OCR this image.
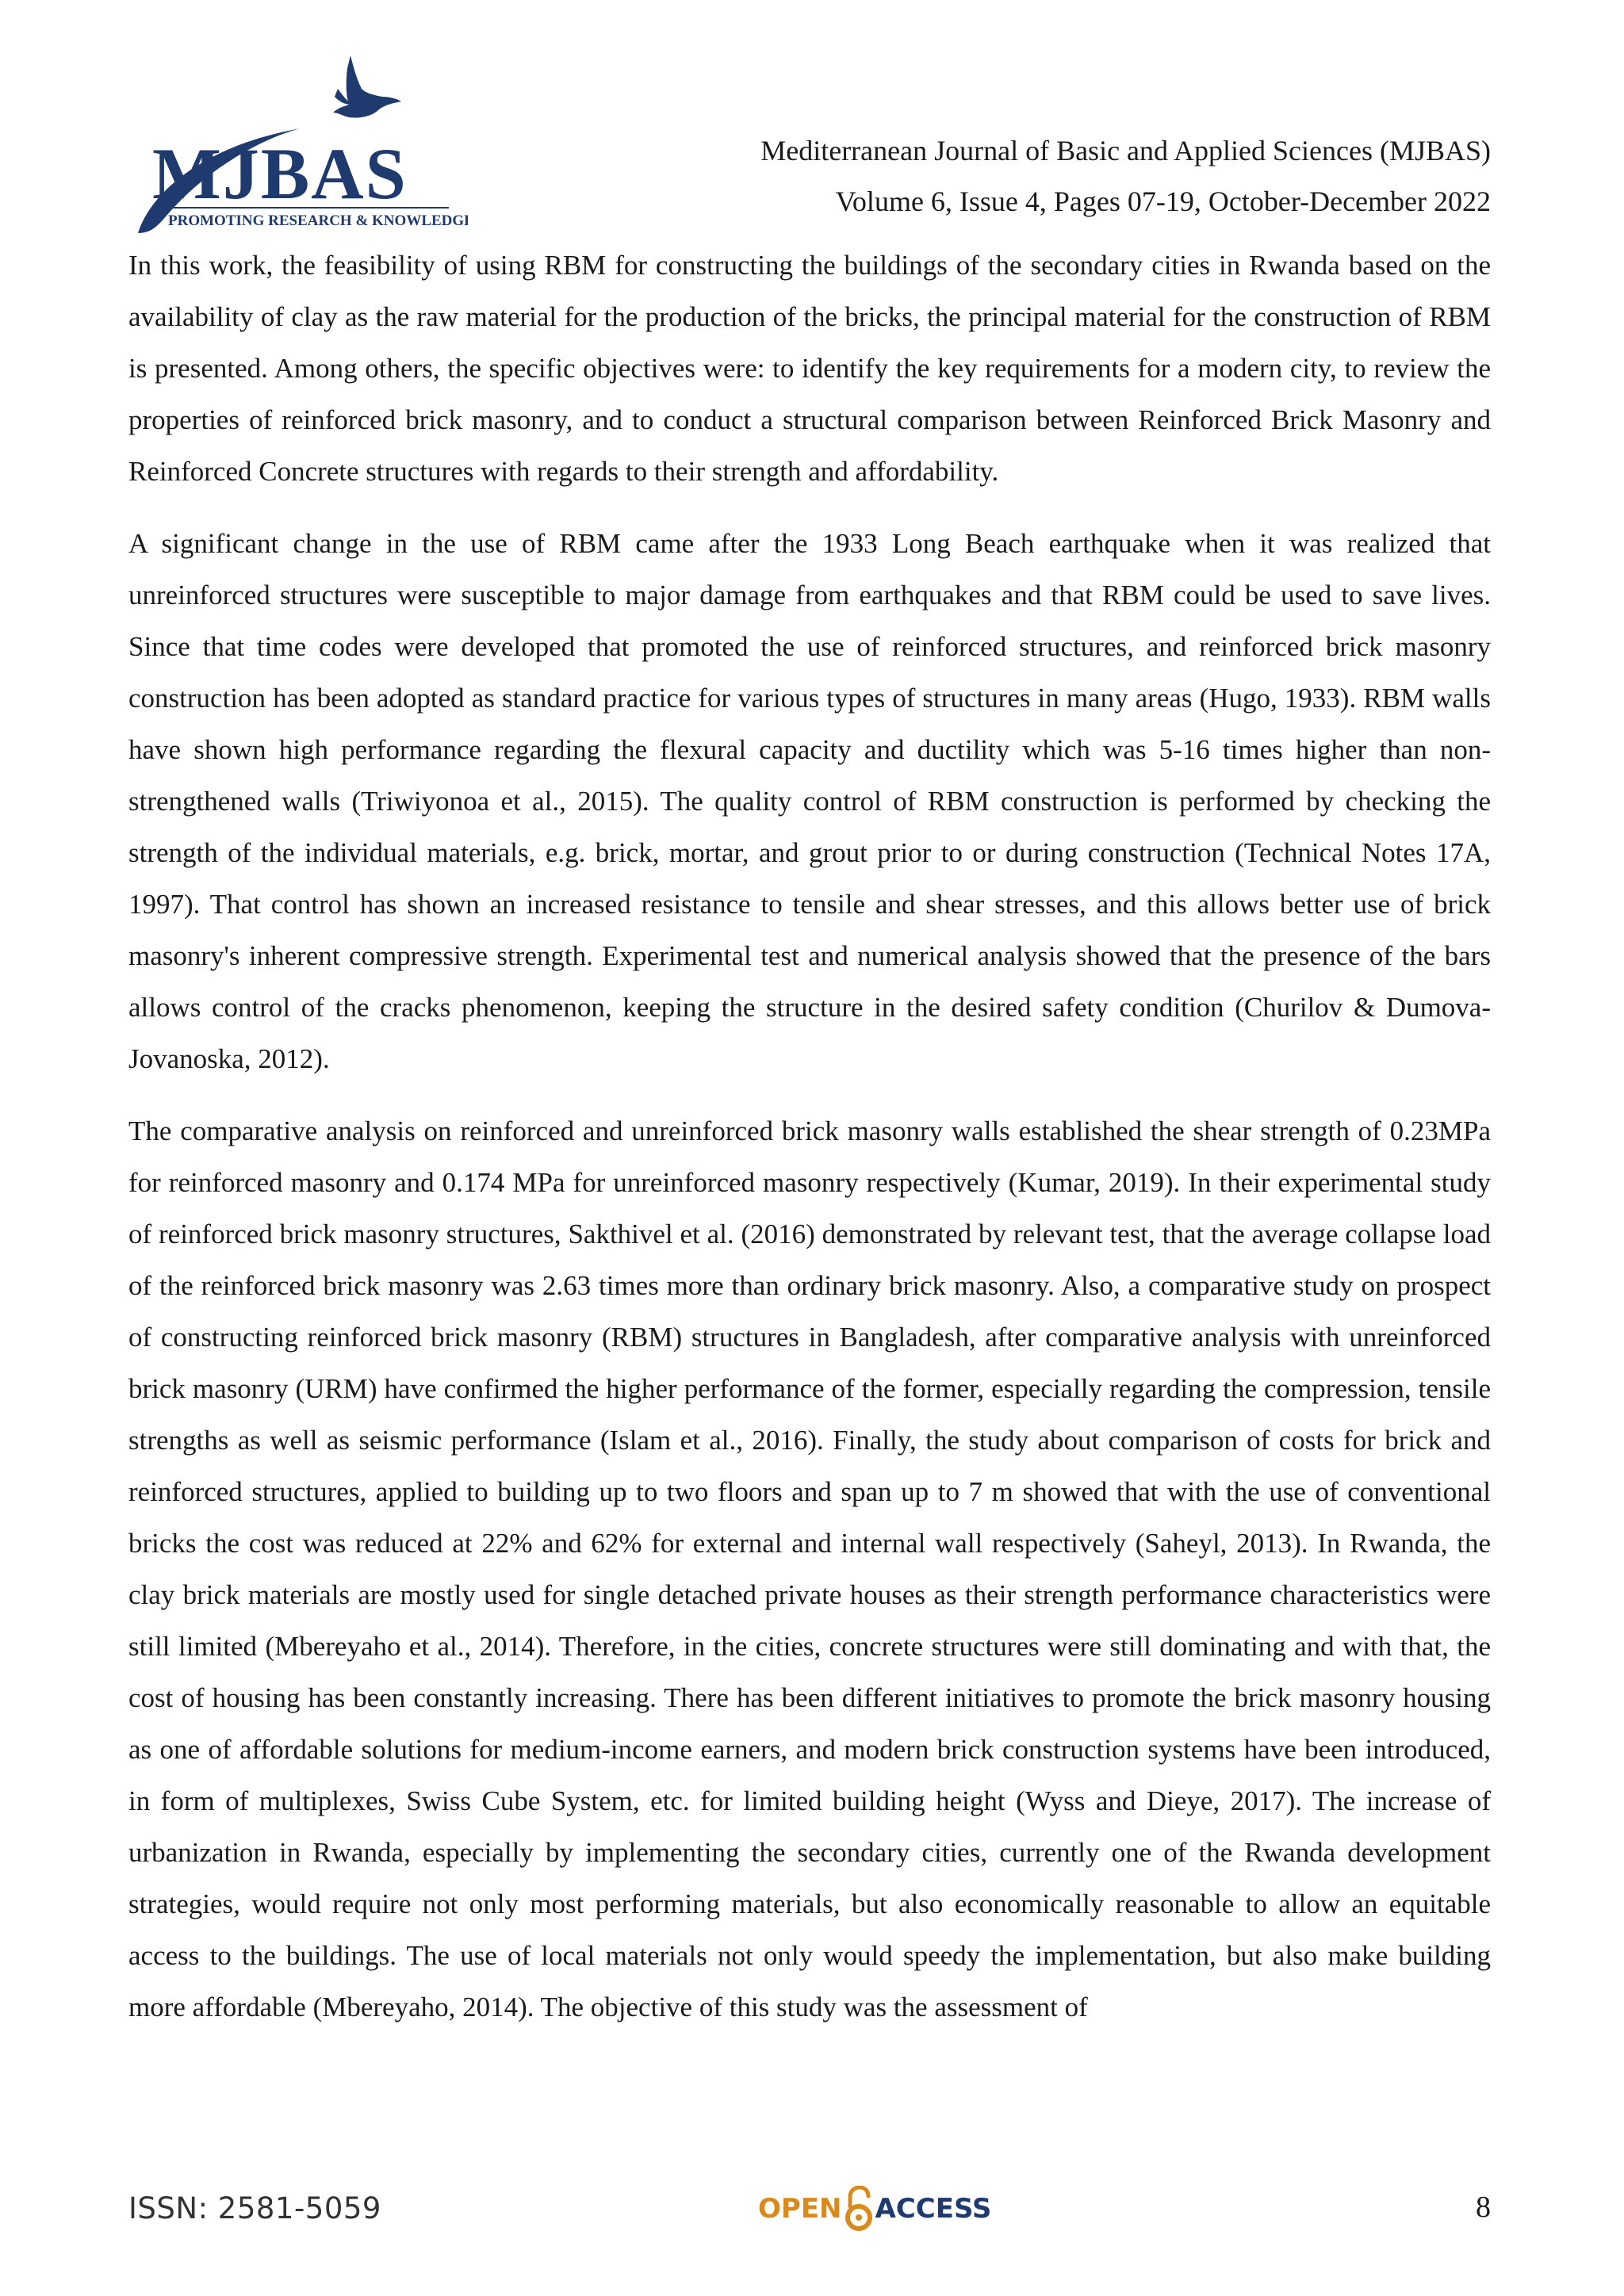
MJBAS
PROMOTING RESEARCH & KNOWLEDGE
Mediterranean Journal of Basic and Applied Sciences (MJBAS)
Volume 6, Issue 4, Pages 07-19, October-December 2022

In this work, the feasibility of using RBM for constructing the buildings of the secondary cities in Rwanda based on the availability of clay as the raw material for the production of the bricks, the principal material for the construction of RBM is presented. Among others, the specific objectives were: to identify the key requirements for a modern city, to review the properties of reinforced brick masonry, and to conduct a structural comparison between Reinforced Brick Masonry and Reinforced Concrete structures with regards to their strength and affordability.

A significant change in the use of RBM came after the 1933 Long Beach earthquake when it was realized that unreinforced structures were susceptible to major damage from earthquakes and that RBM could be used to save lives. Since that time codes were developed that promoted the use of reinforced structures, and reinforced brick masonry construction has been adopted as standard practice for various types of structures in many areas (Hugo, 1933). RBM walls have shown high performance regarding the flexural capacity and ductility which was 5-16 times higher than non-strengthened walls (Triwiyonoa et al., 2015). The quality control of RBM construction is performed by checking the strength of the individual materials, e.g. brick, mortar, and grout prior to or during construction (Technical Notes 17A, 1997). That control has shown an increased resistance to tensile and shear stresses, and this allows better use of brick masonry's inherent compressive strength. Experimental test and numerical analysis showed that the presence of the bars allows control of the cracks phenomenon, keeping the structure in the desired safety condition (Churilov & Dumova-Jovanoska, 2012).

The comparative analysis on reinforced and unreinforced brick masonry walls established the shear strength of 0.23MPa for reinforced masonry and 0.174 MPa for unreinforced masonry respectively (Kumar, 2019). In their experimental study of reinforced brick masonry structures, Sakthivel et al. (2016) demonstrated by relevant test, that the average collapse load of the reinforced brick masonry was 2.63 times more than ordinary brick masonry. Also, a comparative study on prospect of constructing reinforced brick masonry (RBM) structures in Bangladesh, after comparative analysis with unreinforced brick masonry (URM) have confirmed the higher performance of the former, especially regarding the compression, tensile strengths as well as seismic performance (Islam et al., 2016). Finally, the study about comparison of costs for brick and reinforced structures, applied to building up to two floors and span up to 7 m showed that with the use of conventional bricks the cost was reduced at 22% and 62% for external and internal wall respectively (Saheyl, 2013). In Rwanda, the clay brick materials are mostly used for single detached private houses as their strength performance characteristics were still limited (Mbereyaho et al., 2014). Therefore, in the cities, concrete structures were still dominating and with that, the cost of housing has been constantly increasing. There has been different initiatives to promote the brick masonry housing as one of affordable solutions for medium-income earners, and modern brick construction systems have been introduced, in form of multiplexes, Swiss Cube System, etc. for limited building height (Wyss and Dieye, 2017). The increase of urbanization in Rwanda, especially by implementing the secondary cities, currently one of the Rwanda development strategies, would require not only most performing materials, but also economically reasonable to allow an equitable access to the buildings. The use of local materials not only would speedy the implementation, but also make building more affordable (Mbereyaho, 2014). The objective of this study was the assessment of

ISSN: 2581-5059	OPEN ACCESS	8
